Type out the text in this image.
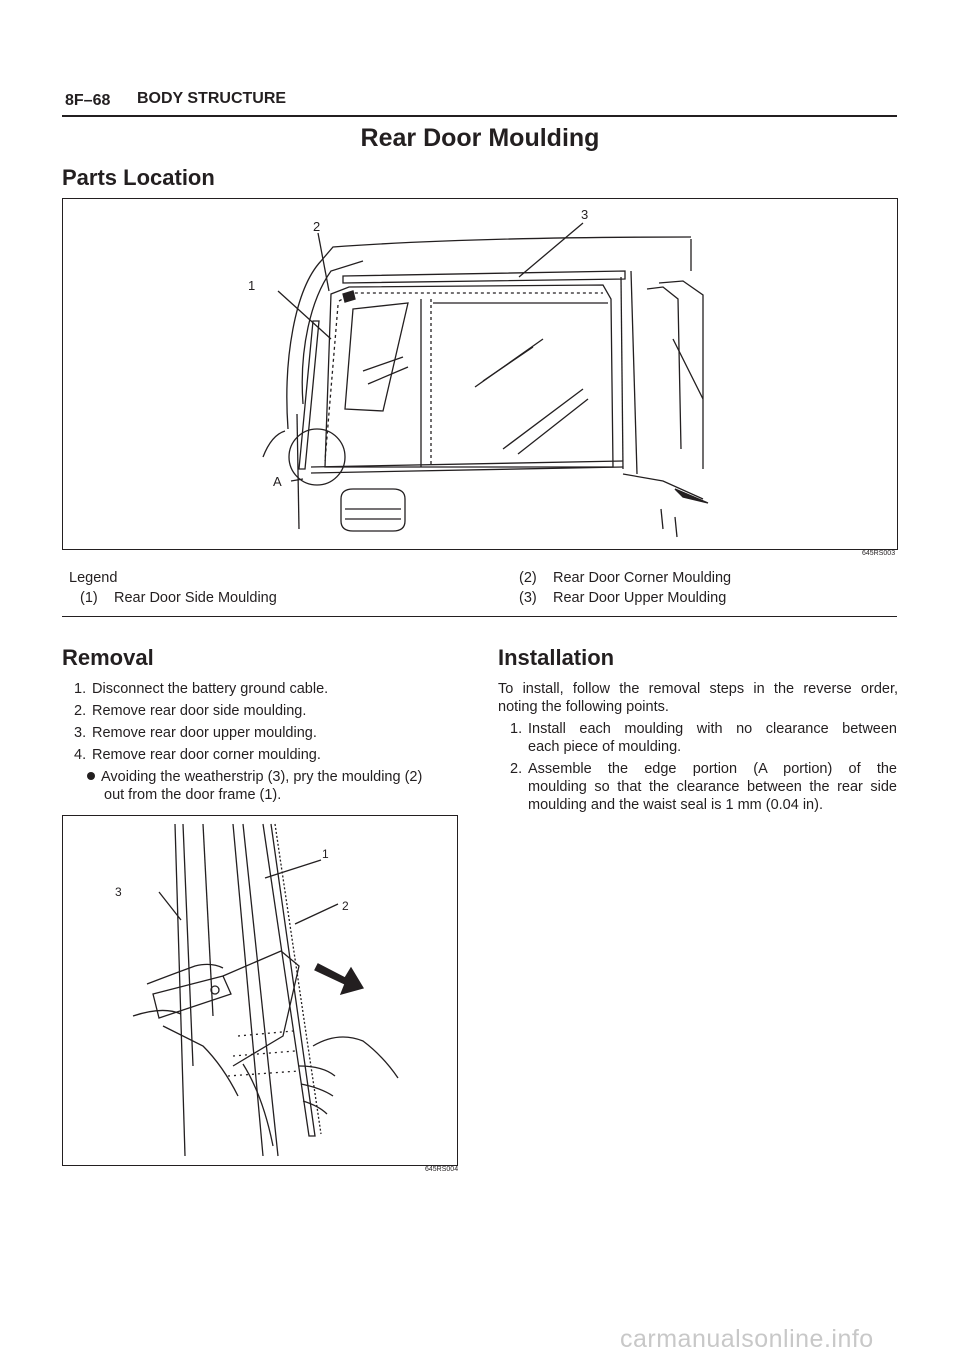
8F–68 BODY STRUCTURE
Rear Door Moulding
Parts Location
1
2
3
A
645RS003
Legend
(1) Rear Door Side Moulding
(2) Rear Door Corner Moulding
(3) Rear Door Upper Moulding
Removal
1. Disconnect the battery ground cable.
2. Remove rear door side moulding.
3. Remove rear door upper moulding.
4. Remove rear door corner moulding.
Avoiding the weatherstrip (3), pry the moulding (2)
out from the door frame (1).
3
1
2
645RS004
Installation
To install, follow the removal steps in the reverse order,
noting the following points.
1. Install each moulding with no clearance between
each piece of moulding.
2. Assemble the edge portion (A portion) of the
moulding so that the clearance between the rear side
moulding and the waist seal is 1 mm (0.04 in).
carmanualsonline.info
